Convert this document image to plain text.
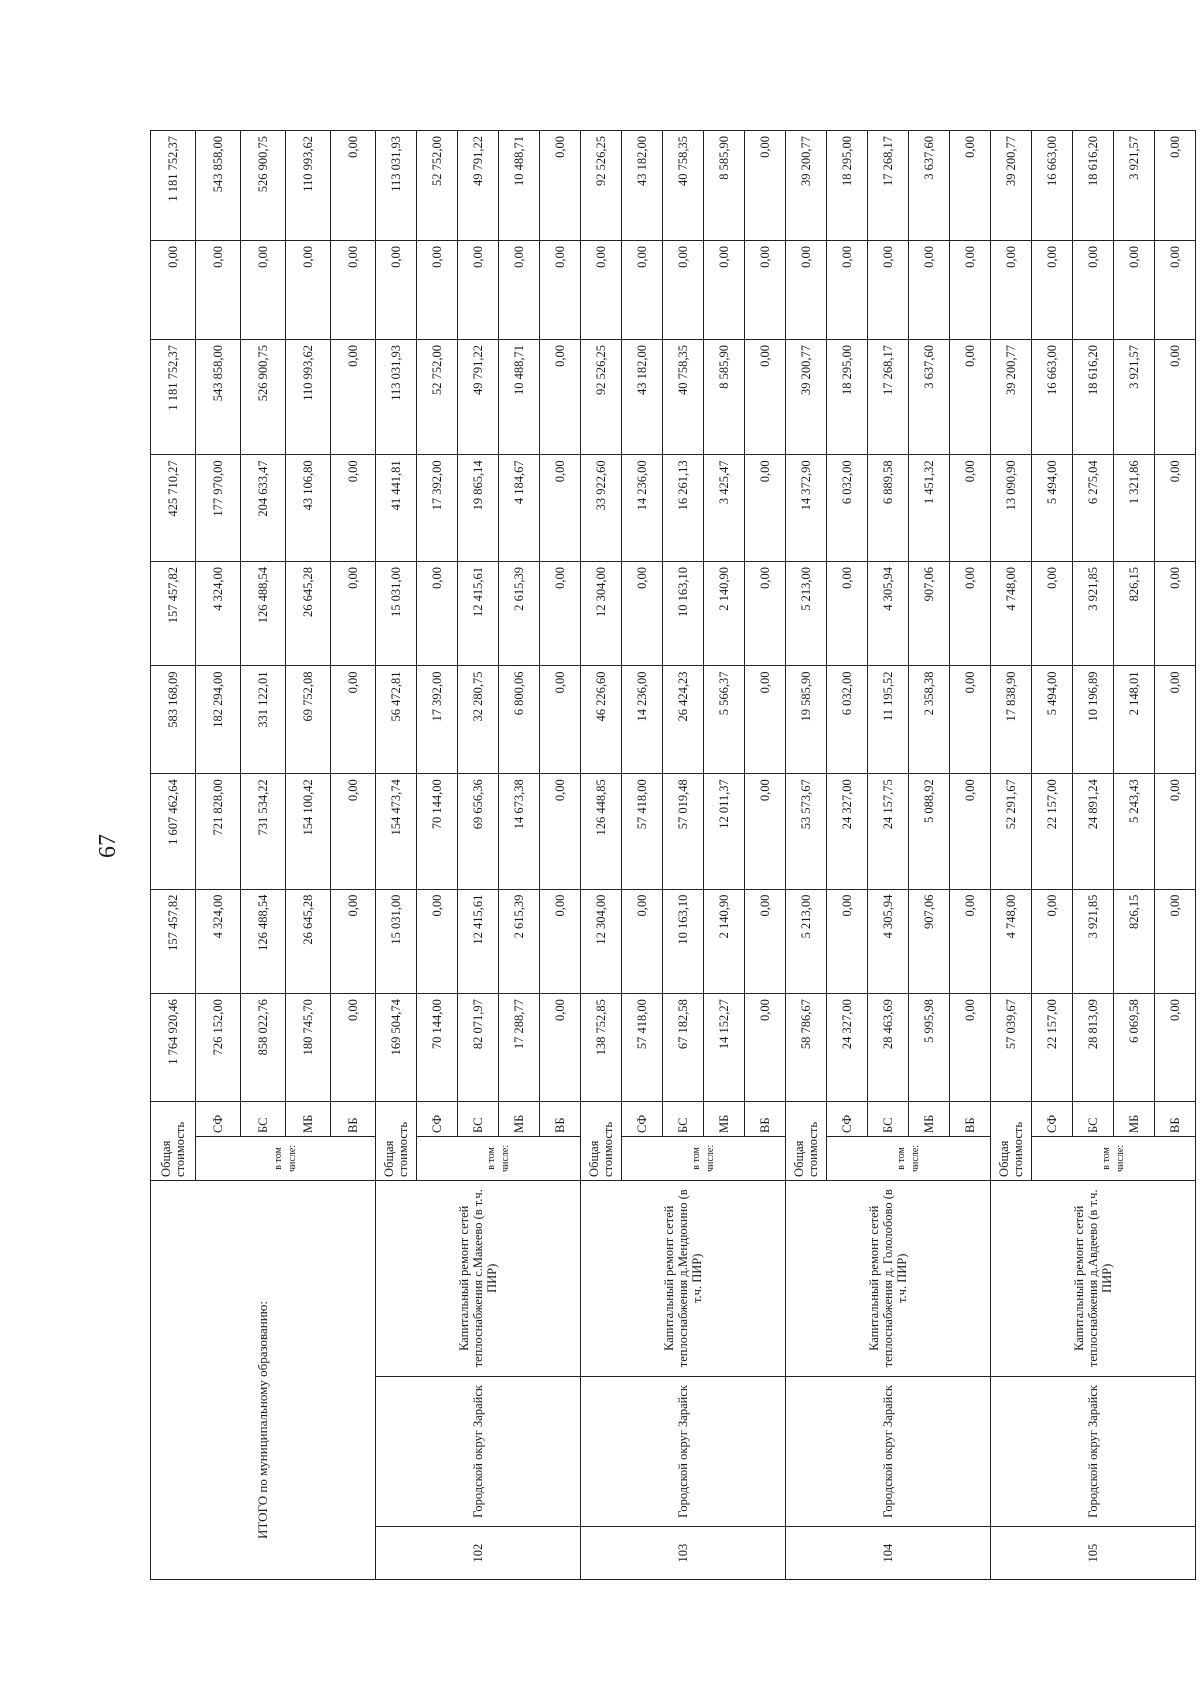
67
ИТОГО по муниципальному образованию:			Общая стоимость		1 764 920,46	157 457,82	1 607 462,64	583 168,09	157 457,82	425 710,27	1 181 752,37	0,00	1 181 752,37
			в том числе:	СФ	726 152,00	4 324,00	721 828,00	182 294,00	4 324,00	177 970,00	543 858,00	0,00	543 858,00
				БС	858 022,76	126 488,54	731 534,22	331 122,01	126 488,54	204 633,47	526 900,75	0,00	526 900,75
				МБ	180 745,70	26 645,28	154 100,42	69 752,08	26 645,28	43 106,80	110 993,62	0,00	110 993,62
				ВБ	0,00	0,00	0,00	0,00	0,00	0,00	0,00	0,00	0,00
102	Городской округ Зарайск	Капитальный ремонт сетей теплоснабжения с.Макеево (в т.ч. ПИР)	Общая стоимость		169 504,74	15 031,00	154 473,74	56 472,81	15 031,00	41 441,81	113 031,93	0,00	113 031,93
			в том числе:	СФ	70 144,00	0,00	70 144,00	17 392,00	0,00	17 392,00	52 752,00	0,00	52 752,00
				БС	82 071,97	12 415,61	69 656,36	32 280,75	12 415,61	19 865,14	49 791,22	0,00	49 791,22
				МБ	17 288,77	2 615,39	14 673,38	6 800,06	2 615,39	4 184,67	10 488,71	0,00	10 488,71
				ВБ	0,00	0,00	0,00	0,00	0,00	0,00	0,00	0,00	0,00
103	Городской округ Зарайск	Капитальный ремонт сетей теплоснабжения д.Мендюкино (в т.ч. ПИР)	Общая стоимость		138 752,85	12 304,00	126 448,85	46 226,60	12 304,00	33 922,60	92 526,25	0,00	92 526,25
			в том числе:	СФ	57 418,00	0,00	57 418,00	14 236,00	0,00	14 236,00	43 182,00	0,00	43 182,00
				БС	67 182,58	10 163,10	57 019,48	26 424,23	10 163,10	16 261,13	40 758,35	0,00	40 758,35
				МБ	14 152,27	2 140,90	12 011,37	5 566,37	2 140,90	3 425,47	8 585,90	0,00	8 585,90
				ВБ	0,00	0,00	0,00	0,00	0,00	0,00	0,00	0,00	0,00
104	Городской округ Зарайск	Капитальный ремонт сетей теплоснабжения д. Гололобово (в т.ч. ПИР)	Общая стоимость		58 786,67	5 213,00	53 573,67	19 585,90	5 213,00	14 372,90	39 200,77	0,00	39 200,77
			в том числе:	СФ	24 327,00	0,00	24 327,00	6 032,00	0,00	6 032,00	18 295,00	0,00	18 295,00
				БС	28 463,69	4 305,94	24 157,75	11 195,52	4 305,94	6 889,58	17 268,17	0,00	17 268,17
				МБ	5 995,98	907,06	5 088,92	2 358,38	907,06	1 451,32	3 637,60	0,00	3 637,60
				ВБ	0,00	0,00	0,00	0,00	0,00	0,00	0,00	0,00	0,00
105	Городской округ Зарайск	Капитальный ремонт сетей теплоснабжения д.Авдеево (в т.ч. ПИР)	Общая стоимость		57 039,67	4 748,00	52 291,67	17 838,90	4 748,00	13 090,90	39 200,77	0,00	39 200,77
			в том числе:	СФ	22 157,00	0,00	22 157,00	5 494,00	0,00	5 494,00	16 663,00	0,00	16 663,00
				БС	28 813,09	3 921,85	24 891,24	10 196,89	3 921,85	6 275,04	18 616,20	0,00	18 616,20
				МБ	6 069,58	826,15	5 243,43	2 148,01	826,15	1 321,86	3 921,57	0,00	3 921,57
				ВБ	0,00	0,00	0,00	0,00	0,00	0,00	0,00	0,00	0,00
